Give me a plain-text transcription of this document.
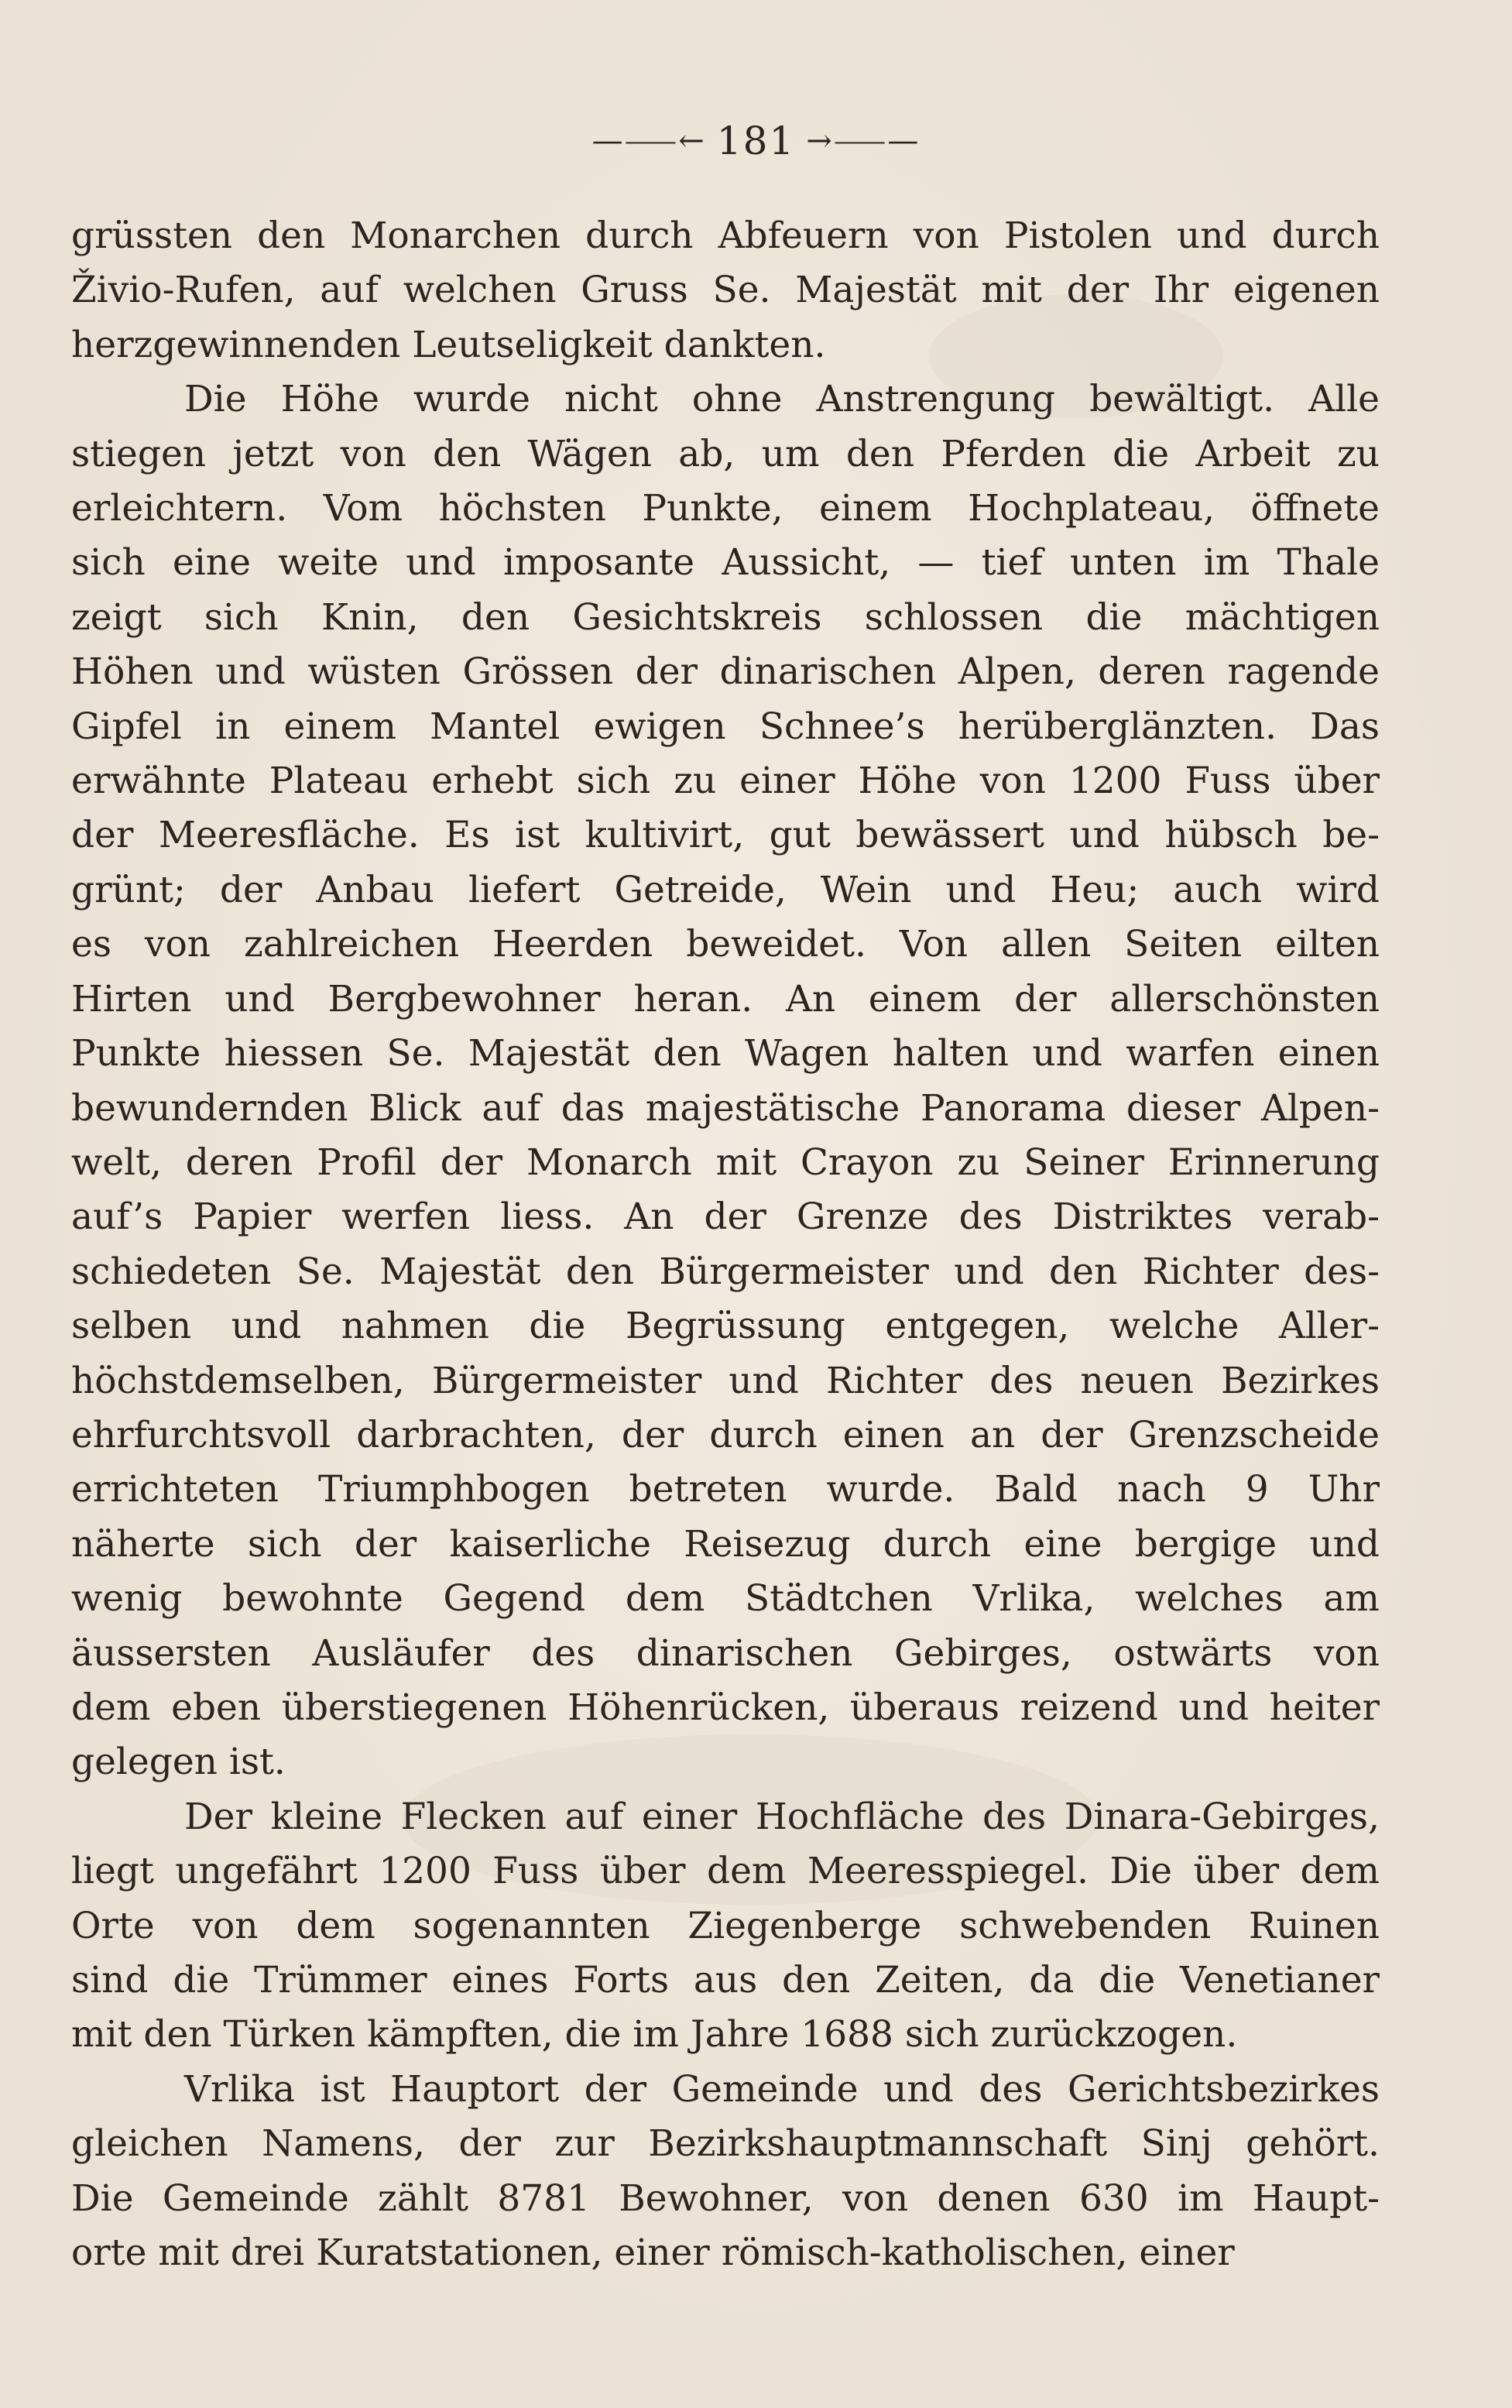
—⸺← 181 →⸺—

grüssten den Monarchen durch Abfeuern von Pistolen und durch
Živio-Rufen, auf welchen Gruss Se. Majestät mit der Ihr eigenen
herzgewinnenden Leutseligkeit dankten.

Die Höhe wurde nicht ohne Anstrengung bewältigt. Alle
stiegen jetzt von den Wägen ab, um den Pferden die Arbeit zu
erleichtern. Vom höchsten Punkte, einem Hochplateau, öffnete
sich eine weite und imposante Aussicht, — tief unten im Thale
zeigt sich Knin, den Gesichtskreis schlossen die mächtigen
Höhen und wüsten Grössen der dinarischen Alpen, deren ragende
Gipfel in einem Mantel ewigen Schnee’s herüberglänzten. Das
erwähnte Plateau erhebt sich zu einer Höhe von 1200 Fuss über
der Meeresfläche. Es ist kultivirt, gut bewässert und hübsch be-
grünt; der Anbau liefert Getreide, Wein und Heu; auch wird
es von zahlreichen Heerden beweidet. Von allen Seiten eilten
Hirten und Bergbewohner heran. An einem der allerschönsten
Punkte hiessen Se. Majestät den Wagen halten und warfen einen
bewundernden Blick auf das majestätische Panorama dieser Alpen-
welt, deren Profil der Monarch mit Crayon zu Seiner Erinnerung
auf’s Papier werfen liess. An der Grenze des Distriktes verab-
schiedeten Se. Majestät den Bürgermeister und den Richter des-
selben und nahmen die Begrüssung entgegen, welche Aller-
höchstdemselben, Bürgermeister und Richter des neuen Bezirkes
ehrfurchtsvoll darbrachten, der durch einen an der Grenzscheide
errichteten Triumphbogen betreten wurde. Bald nach 9 Uhr
näherte sich der kaiserliche Reisezug durch eine bergige und
wenig bewohnte Gegend dem Städtchen Vrlika, welches am
äussersten Ausläufer des dinarischen Gebirges, ostwärts von
dem eben überstiegenen Höhenrücken, überaus reizend und heiter
gelegen ist.

Der kleine Flecken auf einer Hochfläche des Dinara-Gebirges,
liegt ungefährt 1200 Fuss über dem Meeresspiegel. Die über dem
Orte von dem sogenannten Ziegenberge schwebenden Ruinen
sind die Trümmer eines Forts aus den Zeiten, da die Venetianer
mit den Türken kämpften, die im Jahre 1688 sich zurückzogen.

Vrlika ist Hauptort der Gemeinde und des Gerichtsbezirkes
gleichen Namens, der zur Bezirkshauptmannschaft Sinj gehört.
Die Gemeinde zählt 8781 Bewohner, von denen 630 im Haupt-
orte mit drei Kuratstationen, einer römisch-katholischen, einer
